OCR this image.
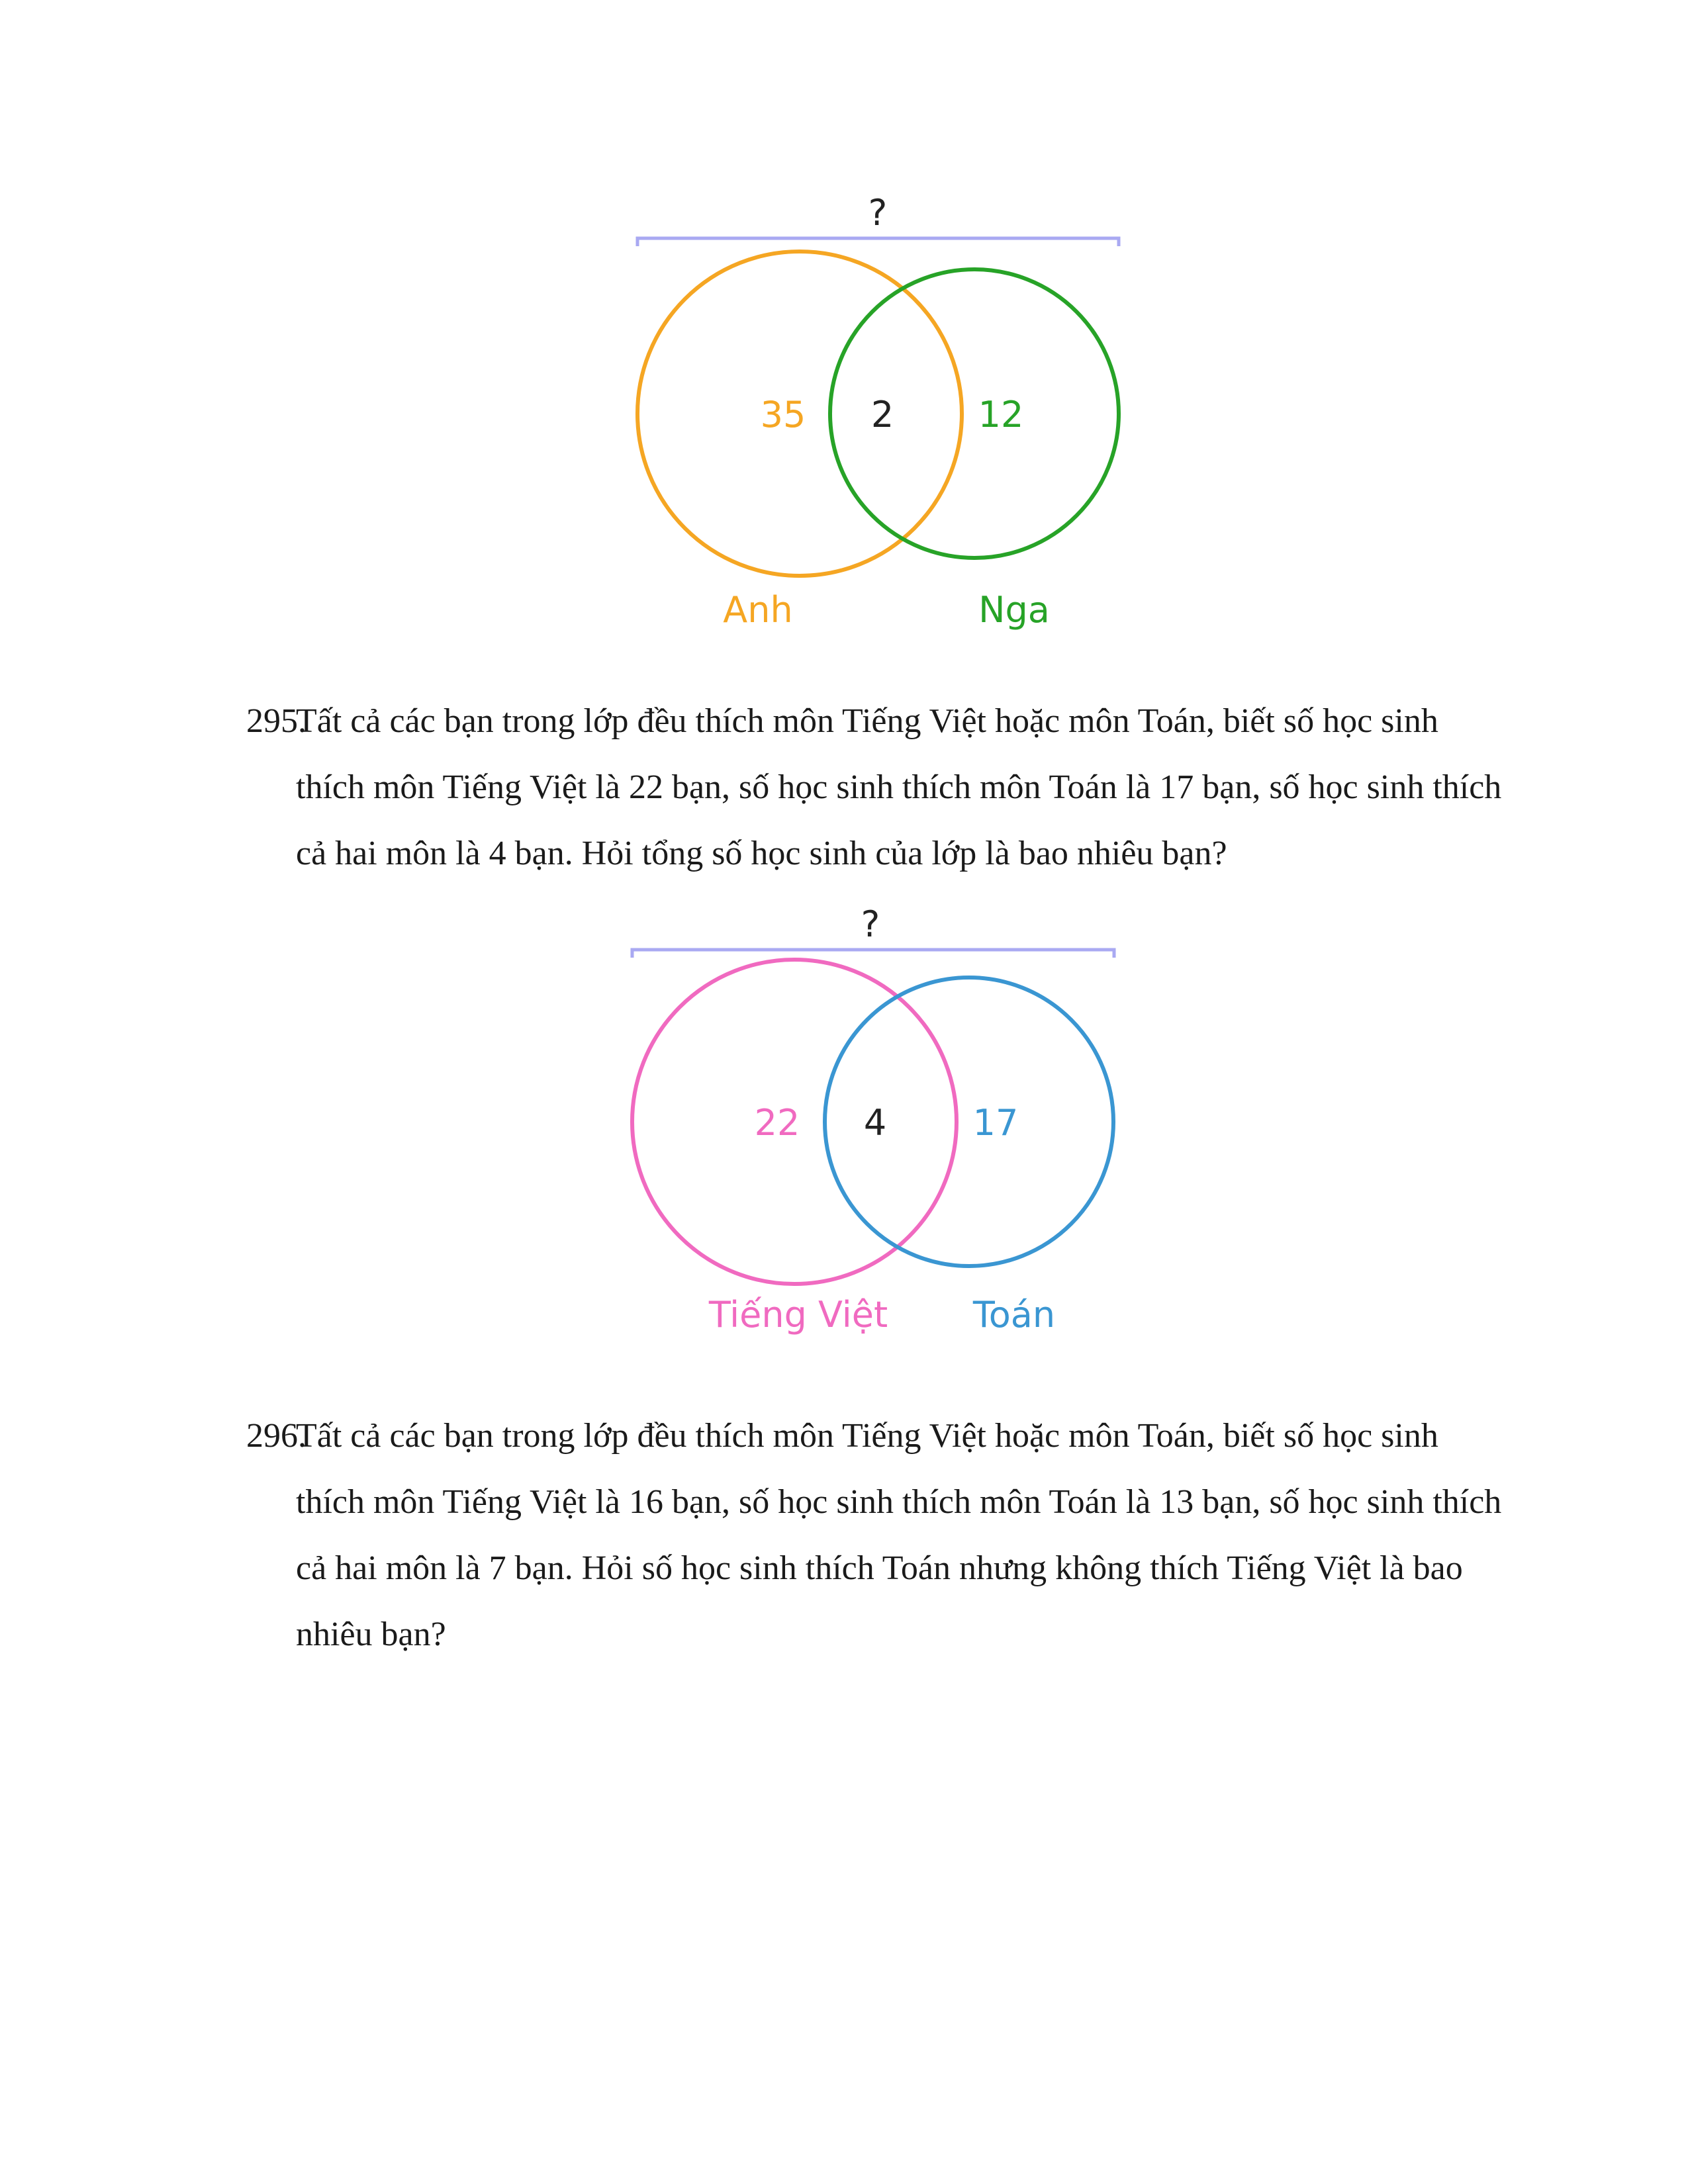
?
35 2 12
Anh	Nga

295.Tất cả các bạn trong lớp đều thích môn Tiếng Việt hoặc môn Toán, biết số học sinh thích môn Tiếng Việt là 22 bạn, số học sinh thích môn Toán là 17 bạn, số học sinh thích cả hai môn là 4 bạn. Hỏi tổng số học sinh của lớp là bao nhiêu bạn?

?
22 4 17
Tiếng Việt Toán

296.Tất cả các bạn trong lớp đều thích môn Tiếng Việt hoặc môn Toán, biết số học sinh thích môn Tiếng Việt là 16 bạn, số học sinh thích môn Toán là 13 bạn, số học sinh thích cả hai môn là 7 bạn. Hỏi số học sinh thích Toán nhưng không thích Tiếng Việt là bao nhiêu bạn?
